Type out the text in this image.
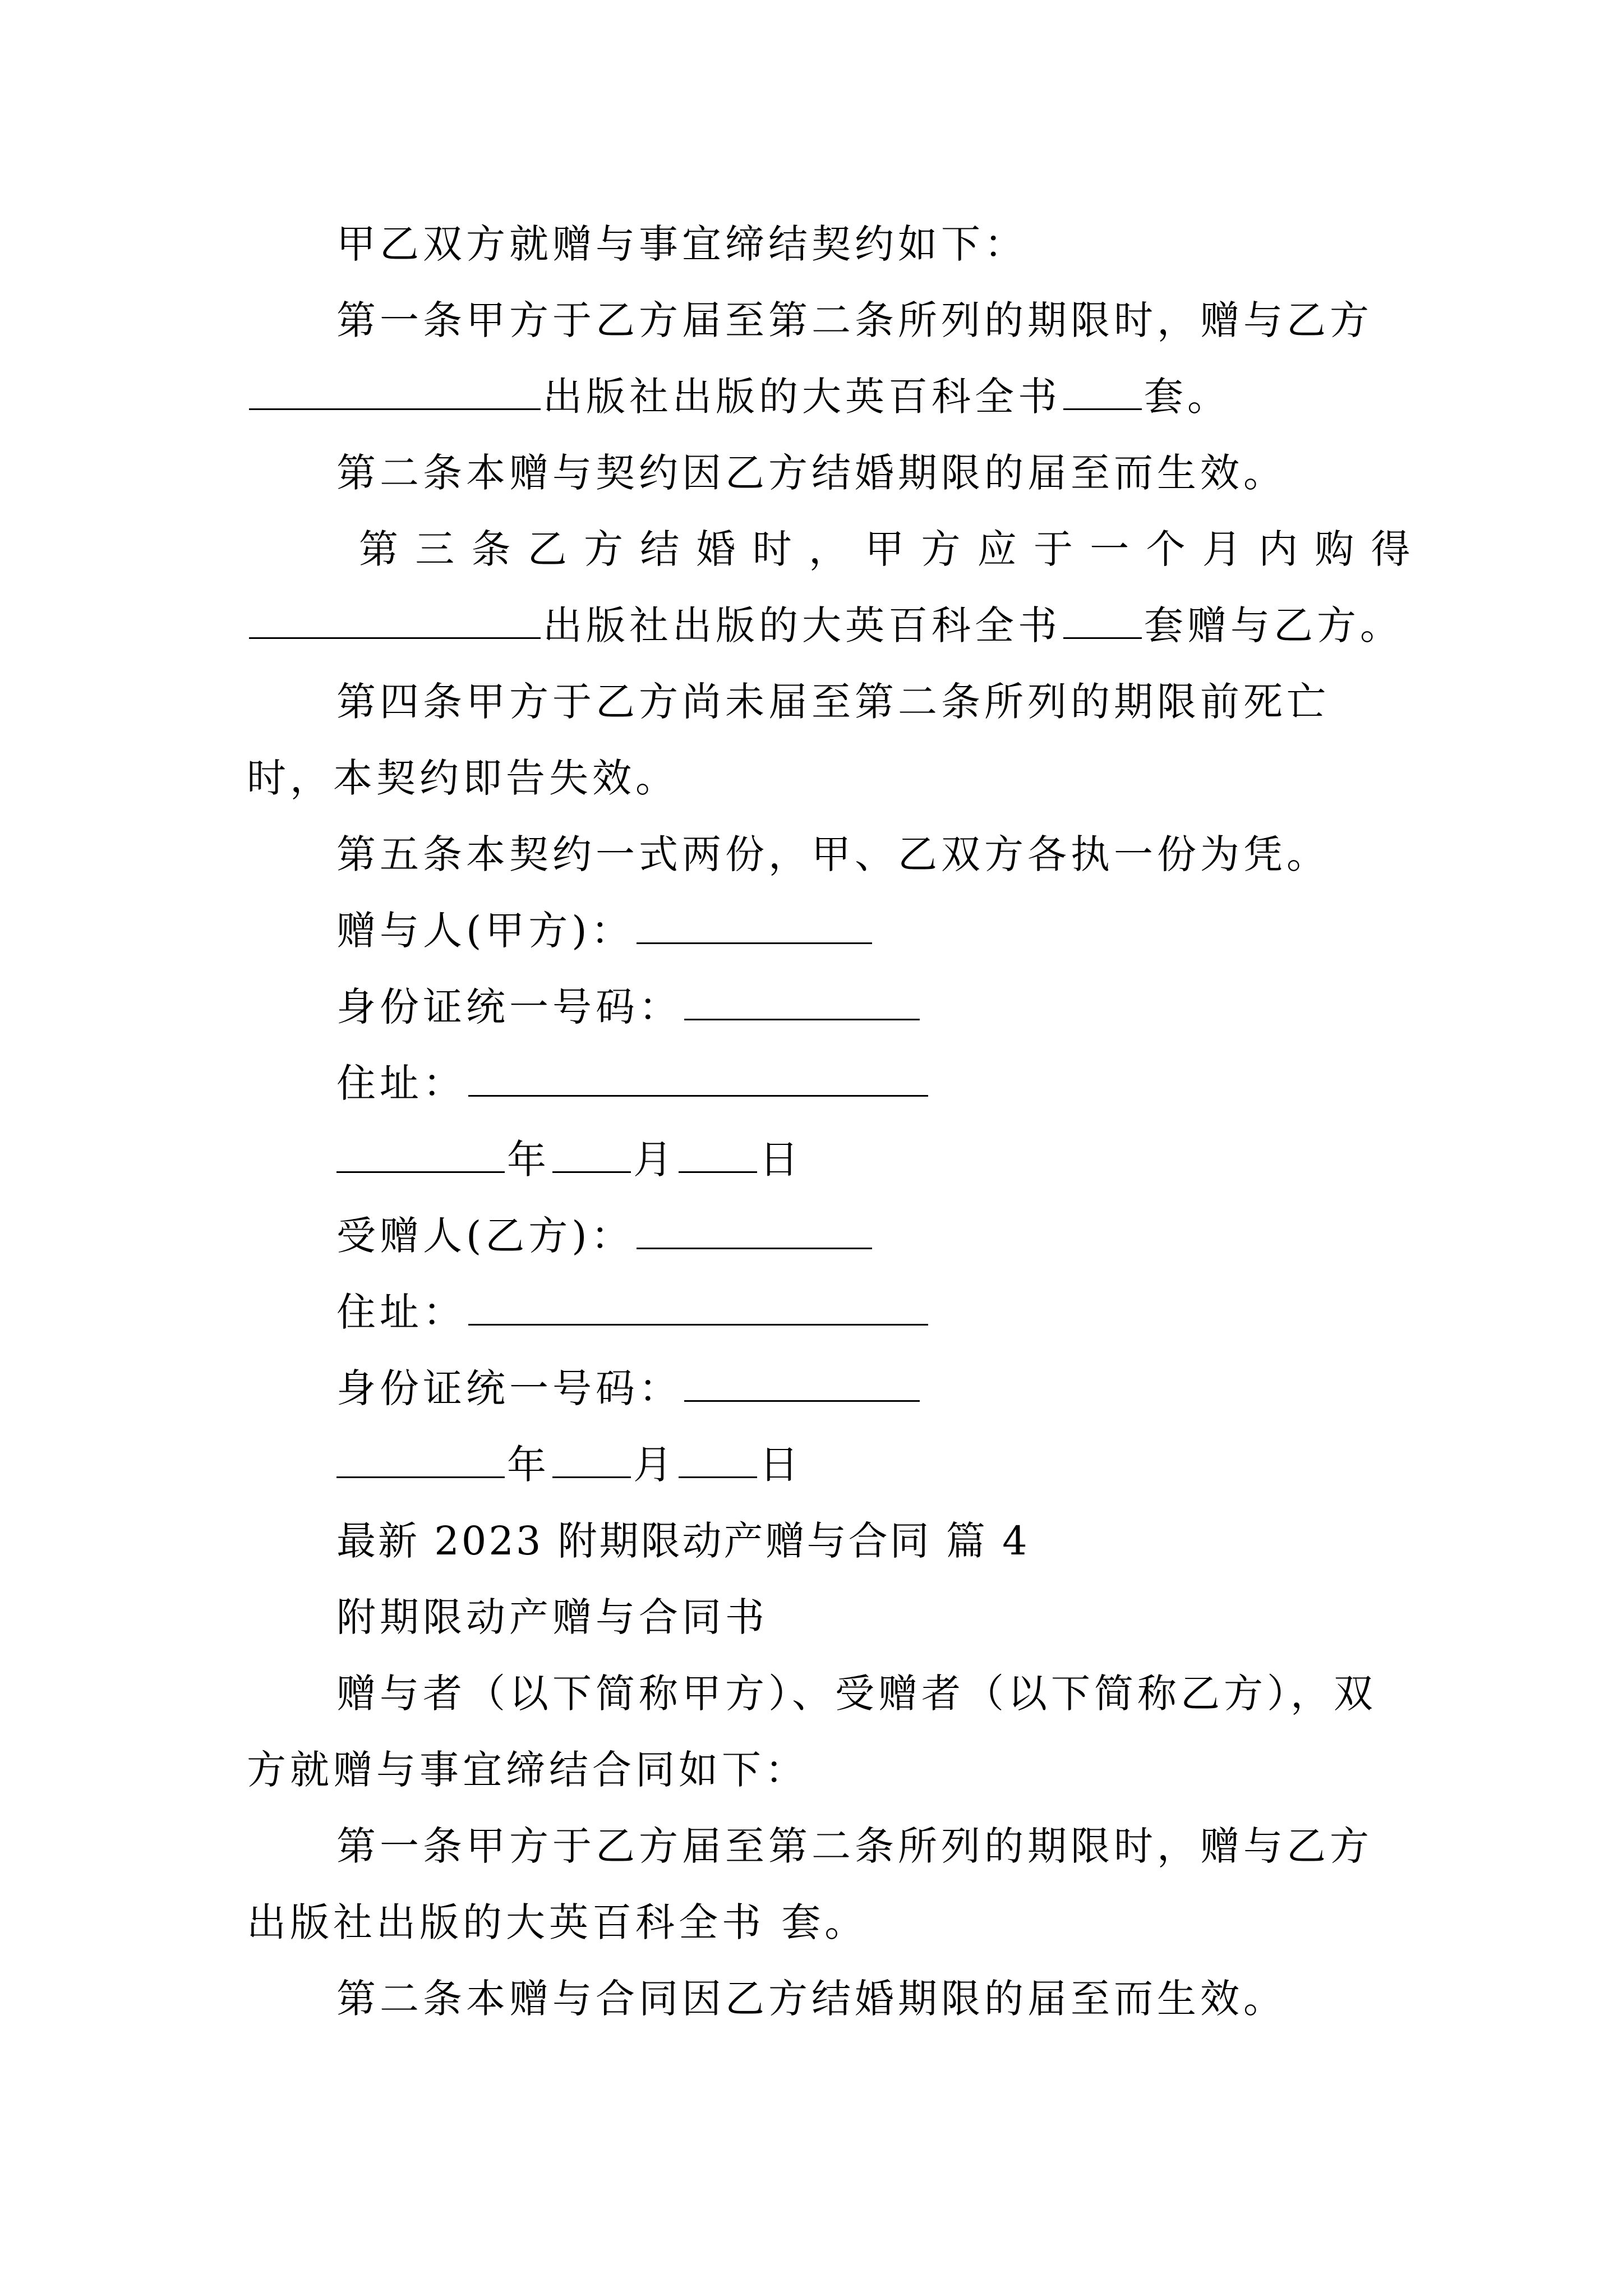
甲乙双方就赠与事宜缔结契约如下：
第一条甲方于乙方届至第二条所列的期限时，赠与乙方
出版社出版的大英百科全书 套。
第二条本赠与契约因乙方结婚期限的届至而生效。
第 三 条 乙 方 结 婚 时 ， 甲 方 应 于 一 个 月 内 购 得
出版社出版的大英百科全书 套赠与乙方。
第四条甲方于乙方尚未届至第二条所列的期限前死亡
时，本契约即告失效。
第五条本契约一式两份，甲、乙双方各执一份为凭。
赠与人(甲方)：
身份证统一号码：
住址：
年 月 日
受赠人(乙方)：
住址：
身份证统一号码：
年 月 日
最新 2023 附期限动产赠与合同 篇 4
附期限动产赠与合同书
赠与者（以下简称甲方）、受赠者（以下简称乙方），双
方就赠与事宜缔结合同如下：
第一条甲方于乙方届至第二条所列的期限时，赠与乙方
出版社出版的大英百科全书 套。
第二条本赠与合同因乙方结婚期限的届至而生效。
